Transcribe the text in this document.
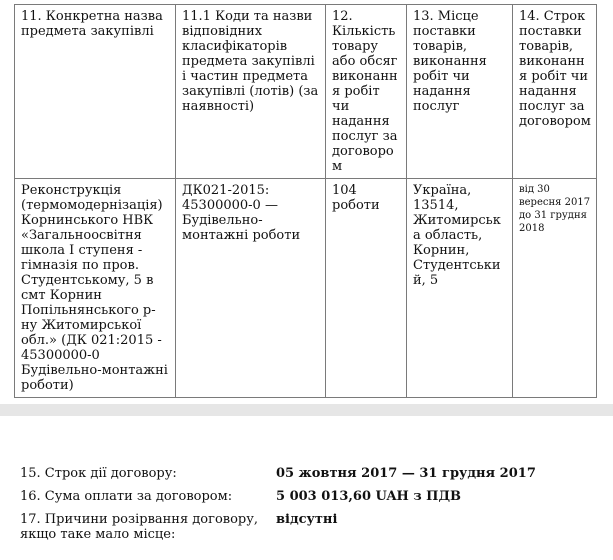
11. Конкретна назва предмета закупівлі	11.1 Коди та назви відповідних класифікаторів предмета закупівлі і частин предмета закупівлі (лотів) (за наявності)	12. Кількість товару або обсяг виконання робіт чи надання послуг за договором	13. Місце поставки товарів, виконання робіт чи надання послуг	14. Строк поставки товарів, виконання робіт чи надання послуг за договором
Реконструкція (термомодернізація) Корнинського НВК «Загальноосвітня школа I ступеня - гімназія по пров. Студентському, 5 в смт Корнин Попільнянського р-ну Житомирської обл.» (ДК 021:2015 - 45300000-0 Будівельно-монтажні роботи)	ДК021-2015: 45300000-0 — Будівельно-монтажні роботи	104 роботи	Україна, 13514, Житомирська область, Корнин, Студентський, 5	від 30 вересня 2017 до 31 грудня 2018
15. Строк дії договору:	05 жовтня 2017 — 31 грудня 2017
16. Сума оплати за договором:	5 003 013,60 UAH з ПДВ
17. Причини розірвання договору, якщо таке мало місце:
відсутні
